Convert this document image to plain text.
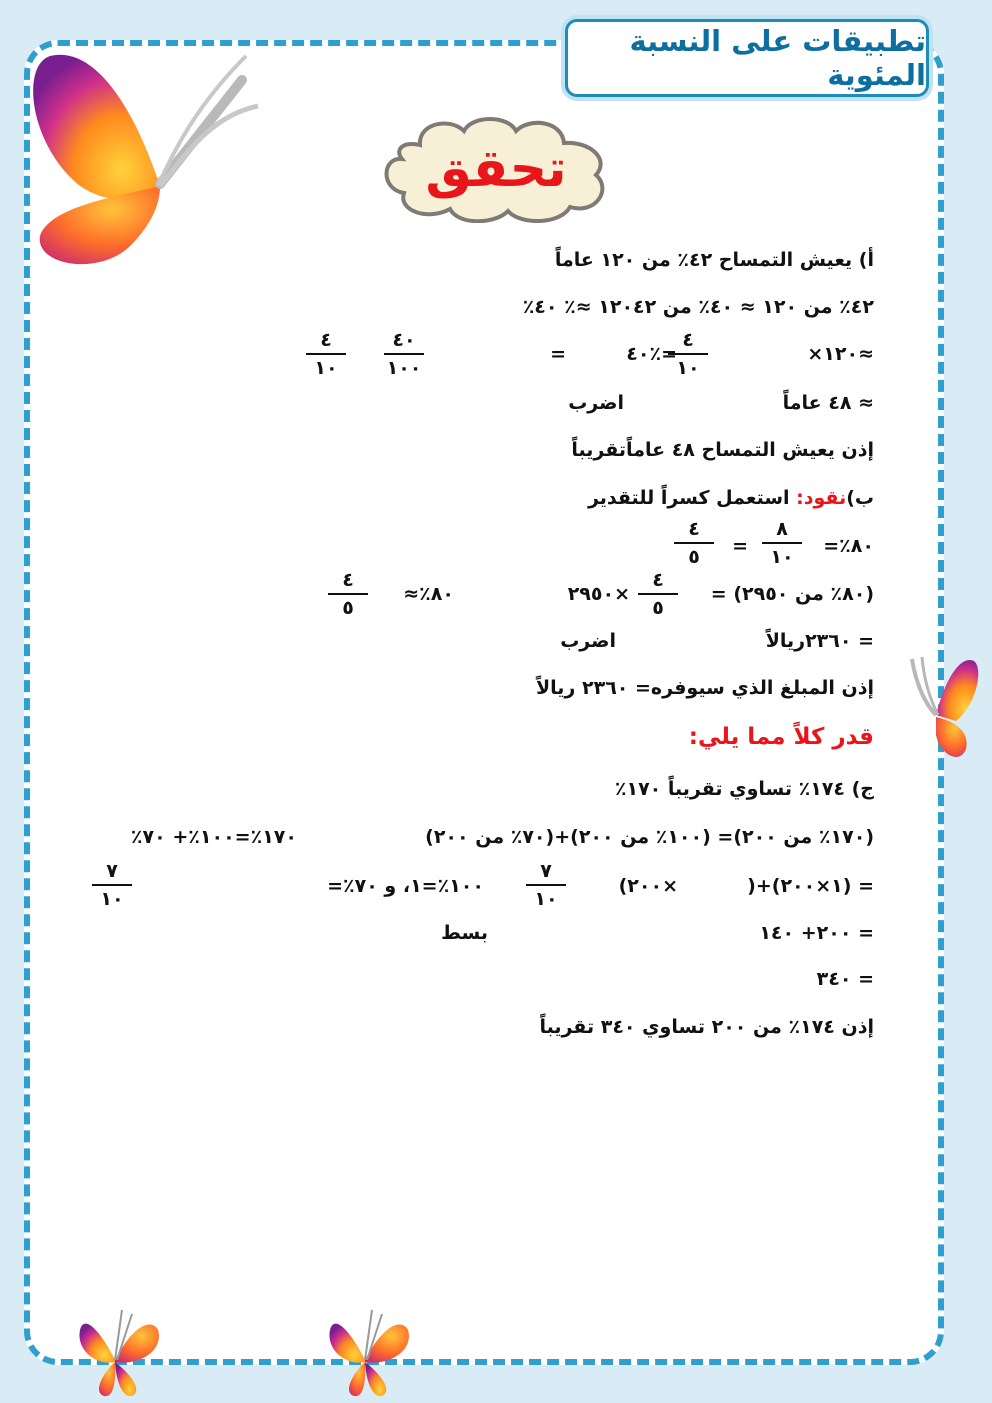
تطبيقات على النسبة المئوية
تحقق
أ) يعيش التمساح ٤٢٪ من ١٢٠ عاماً
٤٢٪ من ١٢٠ ≈ ٤٠٪ من ١٢٠٤٢ ≈٪ ٤٠٪
≈١٢٠×
٤
١٠
=٪٤٠
=
٤٠
١٠٠
٤
١٠
≈ ٤٨ عاماً
اضرب
إذن يعيش التمساح ٤٨ عاماًتقريباً
ب)نقود: استعمل كسراً للتقدير
٨٠٪=
٨
١٠
=
٤
٥
(٨٠٪ من ٢٩٥٠) =
٤
٥
×٢٩٥٠
٨٠٪≈
٤
٥
= ٢٣٦٠ريالاً
اضرب
إذن المبلغ الذي سيوفره= ٢٣٦٠ ريالاً
قدر كلاً مما يلي:
ج) ١٧٤٪ تساوي تقريباً ١٧٠٪
(١٧٠٪ من ٢٠٠)= (١٠٠٪ من ٢٠٠)+(٧٠٪ من ٢٠٠)
١٧٠٪=١٠٠٪+ ٧٠٪
= (١×٢٠٠)+(
×٢٠٠)
٧
١٠
١٠٠٪=١، و ٧٠٪=
٧
١٠
= ٢٠٠+ ١٤٠
بسط
= ٣٤٠
إذن ١٧٤٪ من ٢٠٠ تساوي ٣٤٠ تقريباً
